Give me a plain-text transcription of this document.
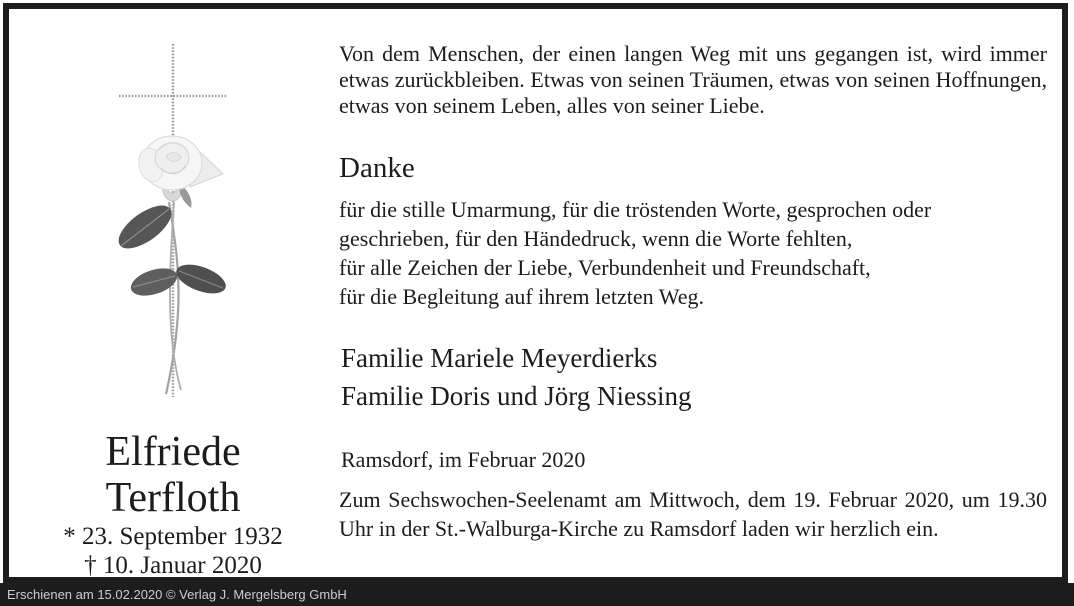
Von dem Menschen, der einen langen Weg mit uns gegangen ist, wird immer etwas zurückbleiben. Etwas von seinen Träumen, etwas von seinen Hoffnungen, etwas von seinem Leben, alles von seiner Liebe.
Danke
für die stille Umarmung, für die tröstenden Worte, gesprochen oder
geschrieben, für den Händedruck, wenn die Worte fehlten,
für alle Zeichen der Liebe, Verbundenheit und Freundschaft,
für die Begleitung auf ihrem letzten Weg.
Familie Mariele Meyerdierks
Familie Doris und Jörg Niessing
Ramsdorf, im Februar 2020
Zum Sechswochen-Seelenamt am Mittwoch, dem 19. Februar 2020, um 19.30 Uhr in der St.-Walburga-Kirche zu Ramsdorf laden wir herzlich ein.
Elfriede
Terfloth
* 23. September 1932
† 10. Januar 2020
Erschienen am 15.02.2020 © Verlag J. Mergelsberg GmbH
